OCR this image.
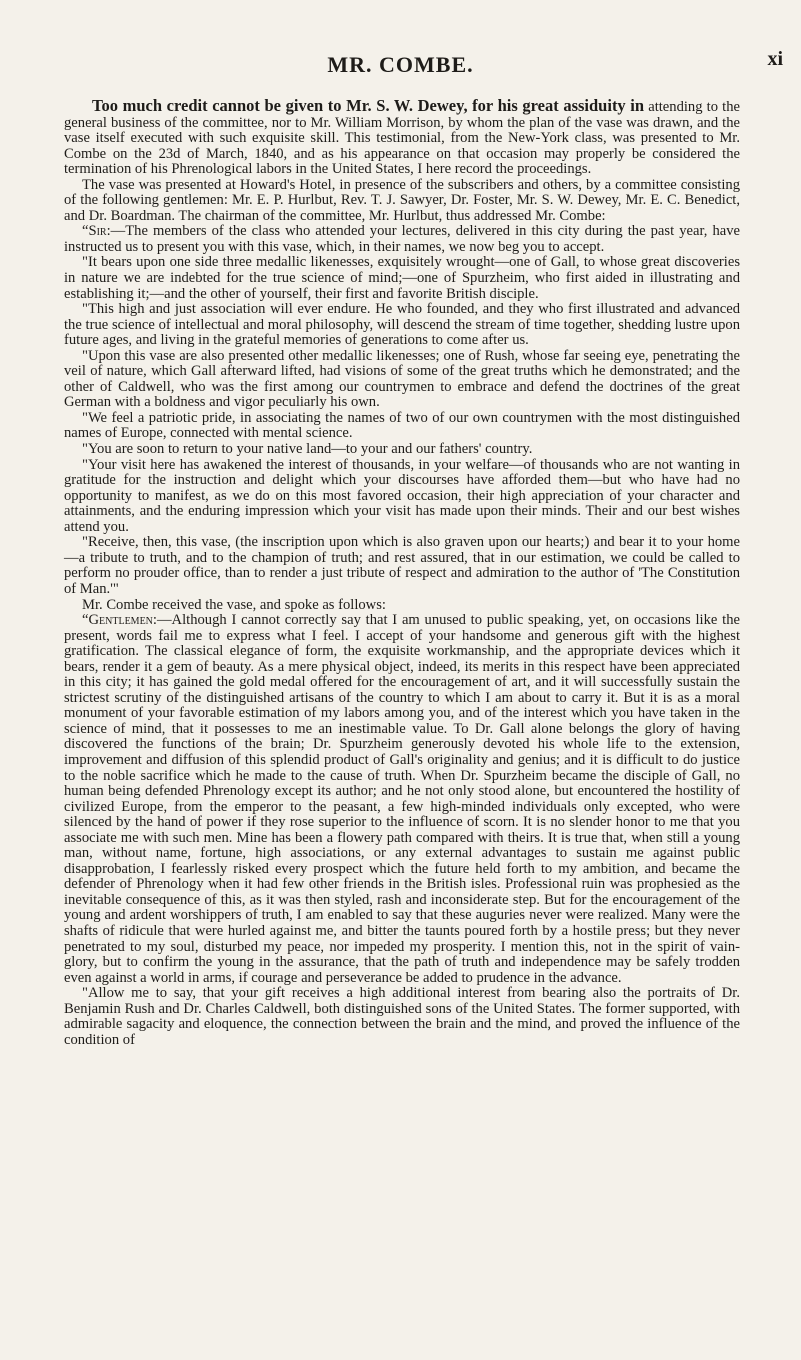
MR. COMBE.	xi

Too much credit cannot be given to Mr. S. W. Dewey, for his great assiduity in attending to the general business of the committee, nor to Mr. William Morrison, by whom the plan of the vase was drawn, and the vase itself executed with such exquisite skill. This testimonial, from the New-York class, was presented to Mr. Combe on the 23d of March, 1840, and as his appearance on that occasion may properly be considered the termination of his Phrenological labors in the United States, I here record the proceedings.

The vase was presented at Howard's Hotel, in presence of the subscribers and others, by a committee consisting of the following gentlemen: Mr. E. P. Hurlbut, Rev. T. J. Sawyer, Dr. Foster, Mr. S. W. Dewey, Mr. E. C. Benedict, and Dr. Boardman. The chairman of the committee, Mr. Hurlbut, thus addressed Mr. Combe:

“Sir:—The members of the class who attended your lectures, delivered in this city during the past year, have instructed us to present you with this vase, which, in their names, we now beg you to accept.

"It bears upon one side three medallic likenesses, exquisitely wrought—one of Gall, to whose great discoveries in nature we are indebted for the true science of mind;—one of Spurzheim, who first aided in illustrating and establishing it;—and the other of yourself, their first and favorite British disciple.

"This high and just association will ever endure. He who founded, and they who first illustrated and advanced the true science of intellectual and moral philosophy, will descend the stream of time together, shedding lustre upon future ages, and living in the grateful memories of generations to come after us.

"Upon this vase are also presented other medallic likenesses; one of Rush, whose far seeing eye, penetrating the veil of nature, which Gall afterward lifted, had visions of some of the great truths which he demonstrated; and the other of Caldwell, who was the first among our countrymen to embrace and defend the doctrines of the great German with a boldness and vigor peculiarly his own.

"We feel a patriotic pride, in associating the names of two of our own countrymen with the most distinguished names of Europe, connected with mental science.

"You are soon to return to your native land—to your and our fathers' country.

"Your visit here has awakened the interest of thousands, in your welfare—of thousands who are not wanting in gratitude for the instruction and delight which your discourses have afforded them—but who have had no opportunity to manifest, as we do on this most favored occasion, their high appreciation of your character and attainments, and the enduring impression which your visit has made upon their minds. Their and our best wishes attend you.

"Receive, then, this vase, (the inscription upon which is also graven upon our hearts;) and bear it to your home—a tribute to truth, and to the champion of truth; and rest assured, that in our estimation, we could be called to perform no prouder office, than to render a just tribute of respect and admiration to the author of 'The Constitution of Man.'"

Mr. Combe received the vase, and spoke as follows:

“Gentlemen:—Although I cannot correctly say that I am unused to public speaking, yet, on occasions like the present, words fail me to express what I feel. I accept of your handsome and generous gift with the highest gratification. The classical elegance of form, the exquisite workmanship, and the appropriate devices which it bears, render it a gem of beauty. As a mere physical object, indeed, its merits in this respect have been appreciated in this city; it has gained the gold medal offered for the encouragement of art, and it will successfully sustain the strictest scrutiny of the distinguished artisans of the country to which I am about to carry it. But it is as a moral monument of your favorable estimation of my labors among you, and of the interest which you have taken in the science of mind, that it possesses to me an inestimable value. To Dr. Gall alone belongs the glory of having discovered the functions of the brain; Dr. Spurzheim generously devoted his whole life to the extension, improvement and diffusion of this splendid product of Gall's originality and genius; and it is difficult to do justice to the noble sacrifice which he made to the cause of truth. When Dr. Spurzheim became the disciple of Gall, no human being defended Phrenology except its author; and he not only stood alone, but encountered the hostility of civilized Europe, from the emperor to the peasant, a few high-minded individuals only excepted, who were silenced by the hand of power if they rose superior to the influence of scorn. It is no slender honor to me that you associate me with such men. Mine has been a flowery path compared with theirs. It is true that, when still a young man, without name, fortune, high associations, or any external advantages to sustain me against public disapprobation, I fearlessly risked every prospect which the future held forth to my ambition, and became the defender of Phrenology when it had few other friends in the British isles. Professional ruin was prophesied as the inevitable consequence of this, as it was then styled, rash and inconsiderate step. But for the encouragement of the young and ardent worshippers of truth, I am enabled to say that these auguries never were realized. Many were the shafts of ridicule that were hurled against me, and bitter the taunts poured forth by a hostile press; but they never penetrated to my soul, disturbed my peace, nor impeded my prosperity. I mention this, not in the spirit of vain-glory, but to confirm the young in the assurance, that the path of truth and independence may be safely trodden even against a world in arms, if courage and perseverance be added to prudence in the advance.

"Allow me to say, that your gift receives a high additional interest from bearing also the portraits of Dr. Benjamin Rush and Dr. Charles Caldwell, both distinguished sons of the United States. The former supported, with admirable sagacity and eloquence, the connection between the brain and the mind, and proved the influence of the condition of
